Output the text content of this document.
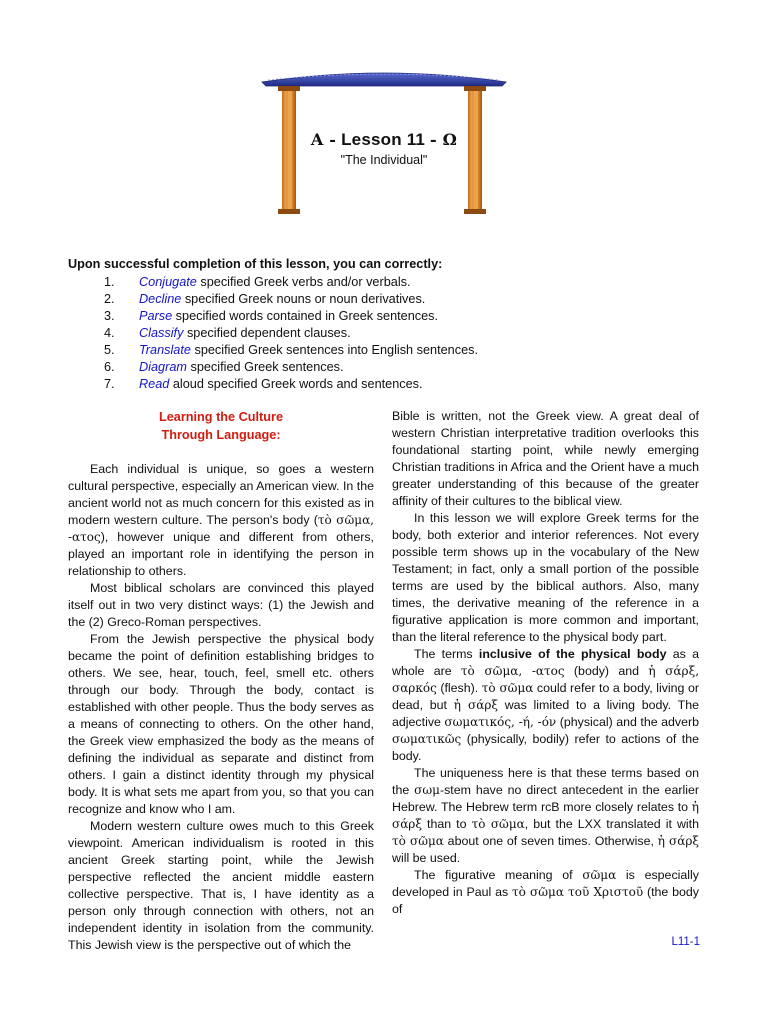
A - Lesson 11 - Ω
"The Individual"

Upon successful completion of this lesson, you can correctly:

1.	Conjugate specified Greek verbs and/or verbals.
2.	Decline specified Greek nouns or noun derivatives.
3.	Parse specified words contained in Greek sentences.
4.	Classify specified dependent clauses.
5.	Translate specified Greek sentences into English sentences.
6.	Diagram specified Greek sentences.
7.	Read aloud specified Greek words and sentences.
Learning the Culture
Through Language:

Each individual is unique, so goes a western cultural perspective, especially an American view. In the ancient world not as much concern for this existed as in modern western culture. The person's body (τὸ σῶμα, -ατος), however unique and different from others, played an important role in identifying the person in relationship to others.

Most biblical scholars are convinced this played itself out in two very distinct ways: (1) the Jewish and the (2) Greco-Roman perspectives.

From the Jewish perspective the physical body became the point of definition establishing bridges to others. We see, hear, touch, feel, smell etc. others through our body. Through the body, contact is established with other people. Thus the body serves as a means of connecting to others. On the other hand, the Greek view emphasized the body as the means of defining the individual as separate and distinct from others. I gain a distinct identity through my physical body. It is what sets me apart from you, so that you can recognize and know who I am.

Modern western culture owes much to this Greek viewpoint. American individualism is rooted in this ancient Greek starting point, while the Jewish perspective reflected the ancient middle eastern collective perspective. That is, I have identity as a person only through connection with others, not an independent identity in isolation from the community. This Jewish view is the perspective out of which the

Bible is written, not the Greek view. A great deal of western Christian interpretative tradition overlooks this foundational starting point, while newly emerging Christian traditions in Africa and the Orient have a much greater understanding of this because of the greater affinity of their cultures to the biblical view.

In this lesson we will explore Greek terms for the body, both exterior and interior references. Not every possible term shows up in the vocabulary of the New Testament; in fact, only a small portion of the possible terms are used by the biblical authors. Also, many times, the derivative meaning of the reference in a figurative application is more common and important, than the literal reference to the physical body part.

The terms inclusive of the physical body as a whole are τὸ σῶμα, -ατος (body) and ἡ σάρξ, σαρκός (flesh). τὸ σῶμα could refer to a body, living or dead, but ἡ σάρξ was limited to a living body. The adjective σωματικός, -ή, -όν (physical) and the adverb σωματικῶς (physically, bodily) refer to actions of the body.

The uniqueness here is that these terms based on the σωμ-stem have no direct antecedent in the earlier Hebrew. The Hebrew term rcB more closely relates to ἡ σάρξ than to τὸ σῶμα, but the LXX translated it with τὸ σῶμα about one of seven times. Otherwise, ἡ σάρξ will be used.

The figurative meaning of σῶμα is especially developed in Paul as τὸ σῶμα τοῦ Χριστοῦ (the body of

L11-1
